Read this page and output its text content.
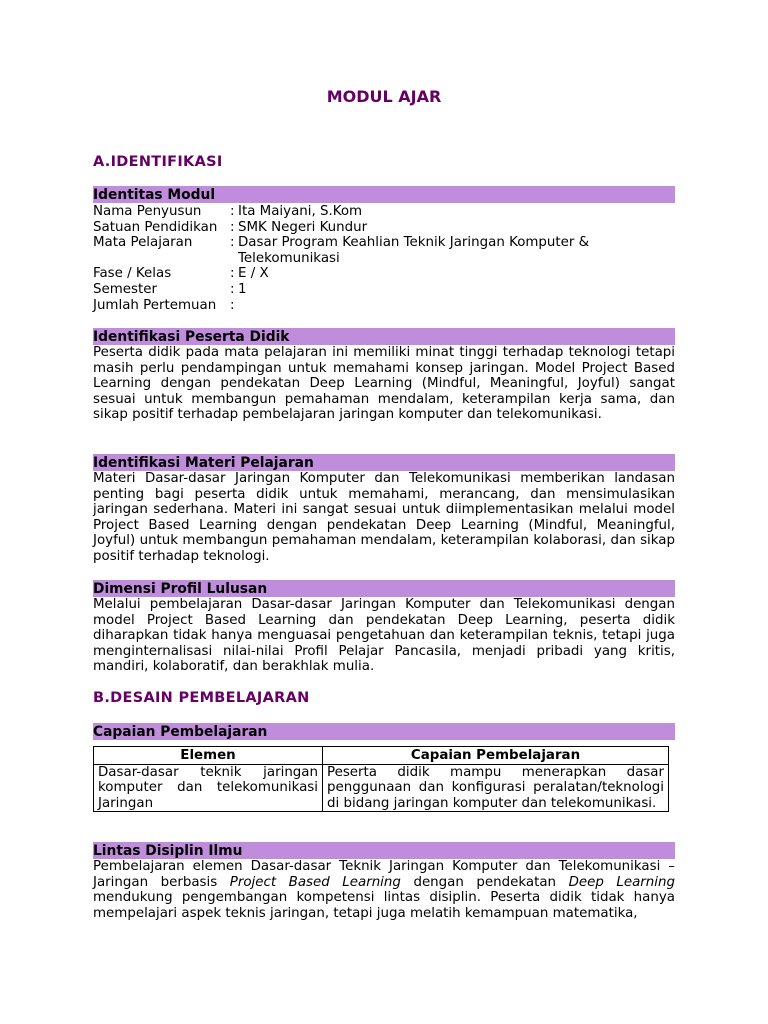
MODUL AJAR
A.IDENTIFIKASI
Identitas Modul
Nama Penyusun	: Ita Maiyani, S.Kom
Satuan Pendidikan : SMK Negeri Kundur
Mata Pelajaran	: Dasar Program Keahlian Teknik Jaringan Komputer & Telekomunikasi
Fase / Kelas	: E / X
Semester	: 1
Jumlah Pertemuan	:
Identifikasi Peserta Didik

Peserta didik pada mata pelajaran ini memiliki minat tinggi terhadap teknologi tetapi masih perlu pendampingan untuk memahami konsep jaringan. Model Project Based Learning dengan pendekatan Deep Learning (Mindful, Meaningful, Joyful) sangat sesuai untuk membangun pemahaman mendalam, keterampilan kerja sama, dan sikap positif terhadap pembelajaran jaringan komputer dan telekomunikasi.

Identifikasi Materi Pelajaran

Materi Dasar-dasar Jaringan Komputer dan Telekomunikasi memberikan landasan penting bagi peserta didik untuk memahami, merancang, dan mensimulasikan jaringan sederhana. Materi ini sangat sesuai untuk diimplementasikan melalui model Project Based Learning dengan pendekatan Deep Learning (Mindful, Meaningful, Joyful) untuk membangun pemahaman mendalam, keterampilan kolaborasi, dan sikap positif terhadap teknologi.

Dimensi Profil Lulusan

Melalui pembelajaran Dasar-dasar Jaringan Komputer dan Telekomunikasi dengan model Project Based Learning dan pendekatan Deep Learning, peserta didik diharapkan tidak hanya menguasai pengetahuan dan keterampilan teknis, tetapi juga menginternalisasi nilai-nilai Profil Pelajar Pancasila, menjadi pribadi yang kritis, mandiri, kolaboratif, dan berakhlak mulia.

B.DESAIN PEMBELAJARAN
Capaian Pembelajaran
Elemen	Capaian Pembelajaran
Dasar-dasar teknik jaringan komputer dan telekomunikasi Jaringan	Peserta didik mampu menerapkan dasar penggunaan dan konfigurasi peralatan/teknologi di bidang jaringan komputer dan telekomunikasi.
Lintas Disiplin Ilmu

Pembelajaran elemen Dasar-dasar Teknik Jaringan Komputer dan Telekomunikasi – Jaringan berbasis Project Based Learning dengan pendekatan Deep Learning mendukung pengembangan kompetensi lintas disiplin. Peserta didik tidak hanya mempelajari aspek teknis jaringan, tetapi juga melatih kemampuan matematika,
